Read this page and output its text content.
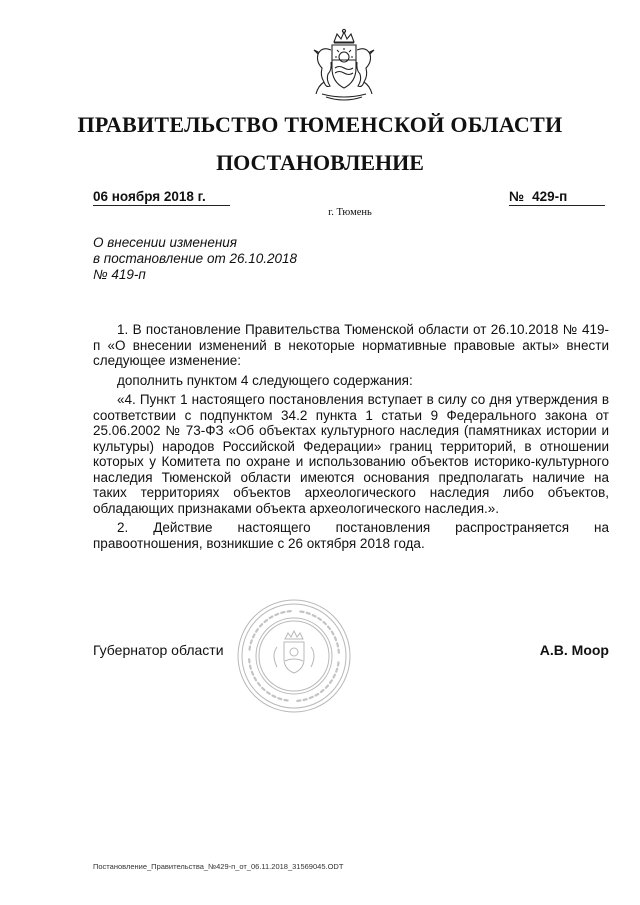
ПРАВИТЕЛЬСТВО ТЮМЕНСКОЙ ОБЛАСТИ
ПОСТАНОВЛЕНИЕ
06 ноября 2018 г.	№ 429-п
г. Тюмень
О внесении изменения
в постановление от 26.10.2018
№ 419-п

1. В постановление Правительства Тюменской области от 26.10.2018 № 419-п «О внесении изменений в некоторые нормативные правовые акты» внести следующее изменение:

дополнить пунктом 4 следующего содержания:

«4. Пункт 1 настоящего постановления вступает в силу со дня утверждения в соответствии с подпунктом 34.2 пункта 1 статьи 9 Федерального закона от 25.06.2002 № 73-ФЗ «Об объектах культурного наследия (памятниках истории и культуры) народов Российской Федерации» границ территорий, в отношении которых у Комитета по охране и использованию объектов историко-культурного наследия Тюменской области имеются основания предполагать наличие на таких территориях объектов археологического наследия либо объектов, обладающих признаками объекта археологического наследия.».

2. Действие настоящего постановления распространяется на правоотношения, возникшие с 26 октября 2018 года.

Губернатор области	А.В. Моор
Постановление_Правительства_№429-п_от_06.11.2018_31569045.ODT
